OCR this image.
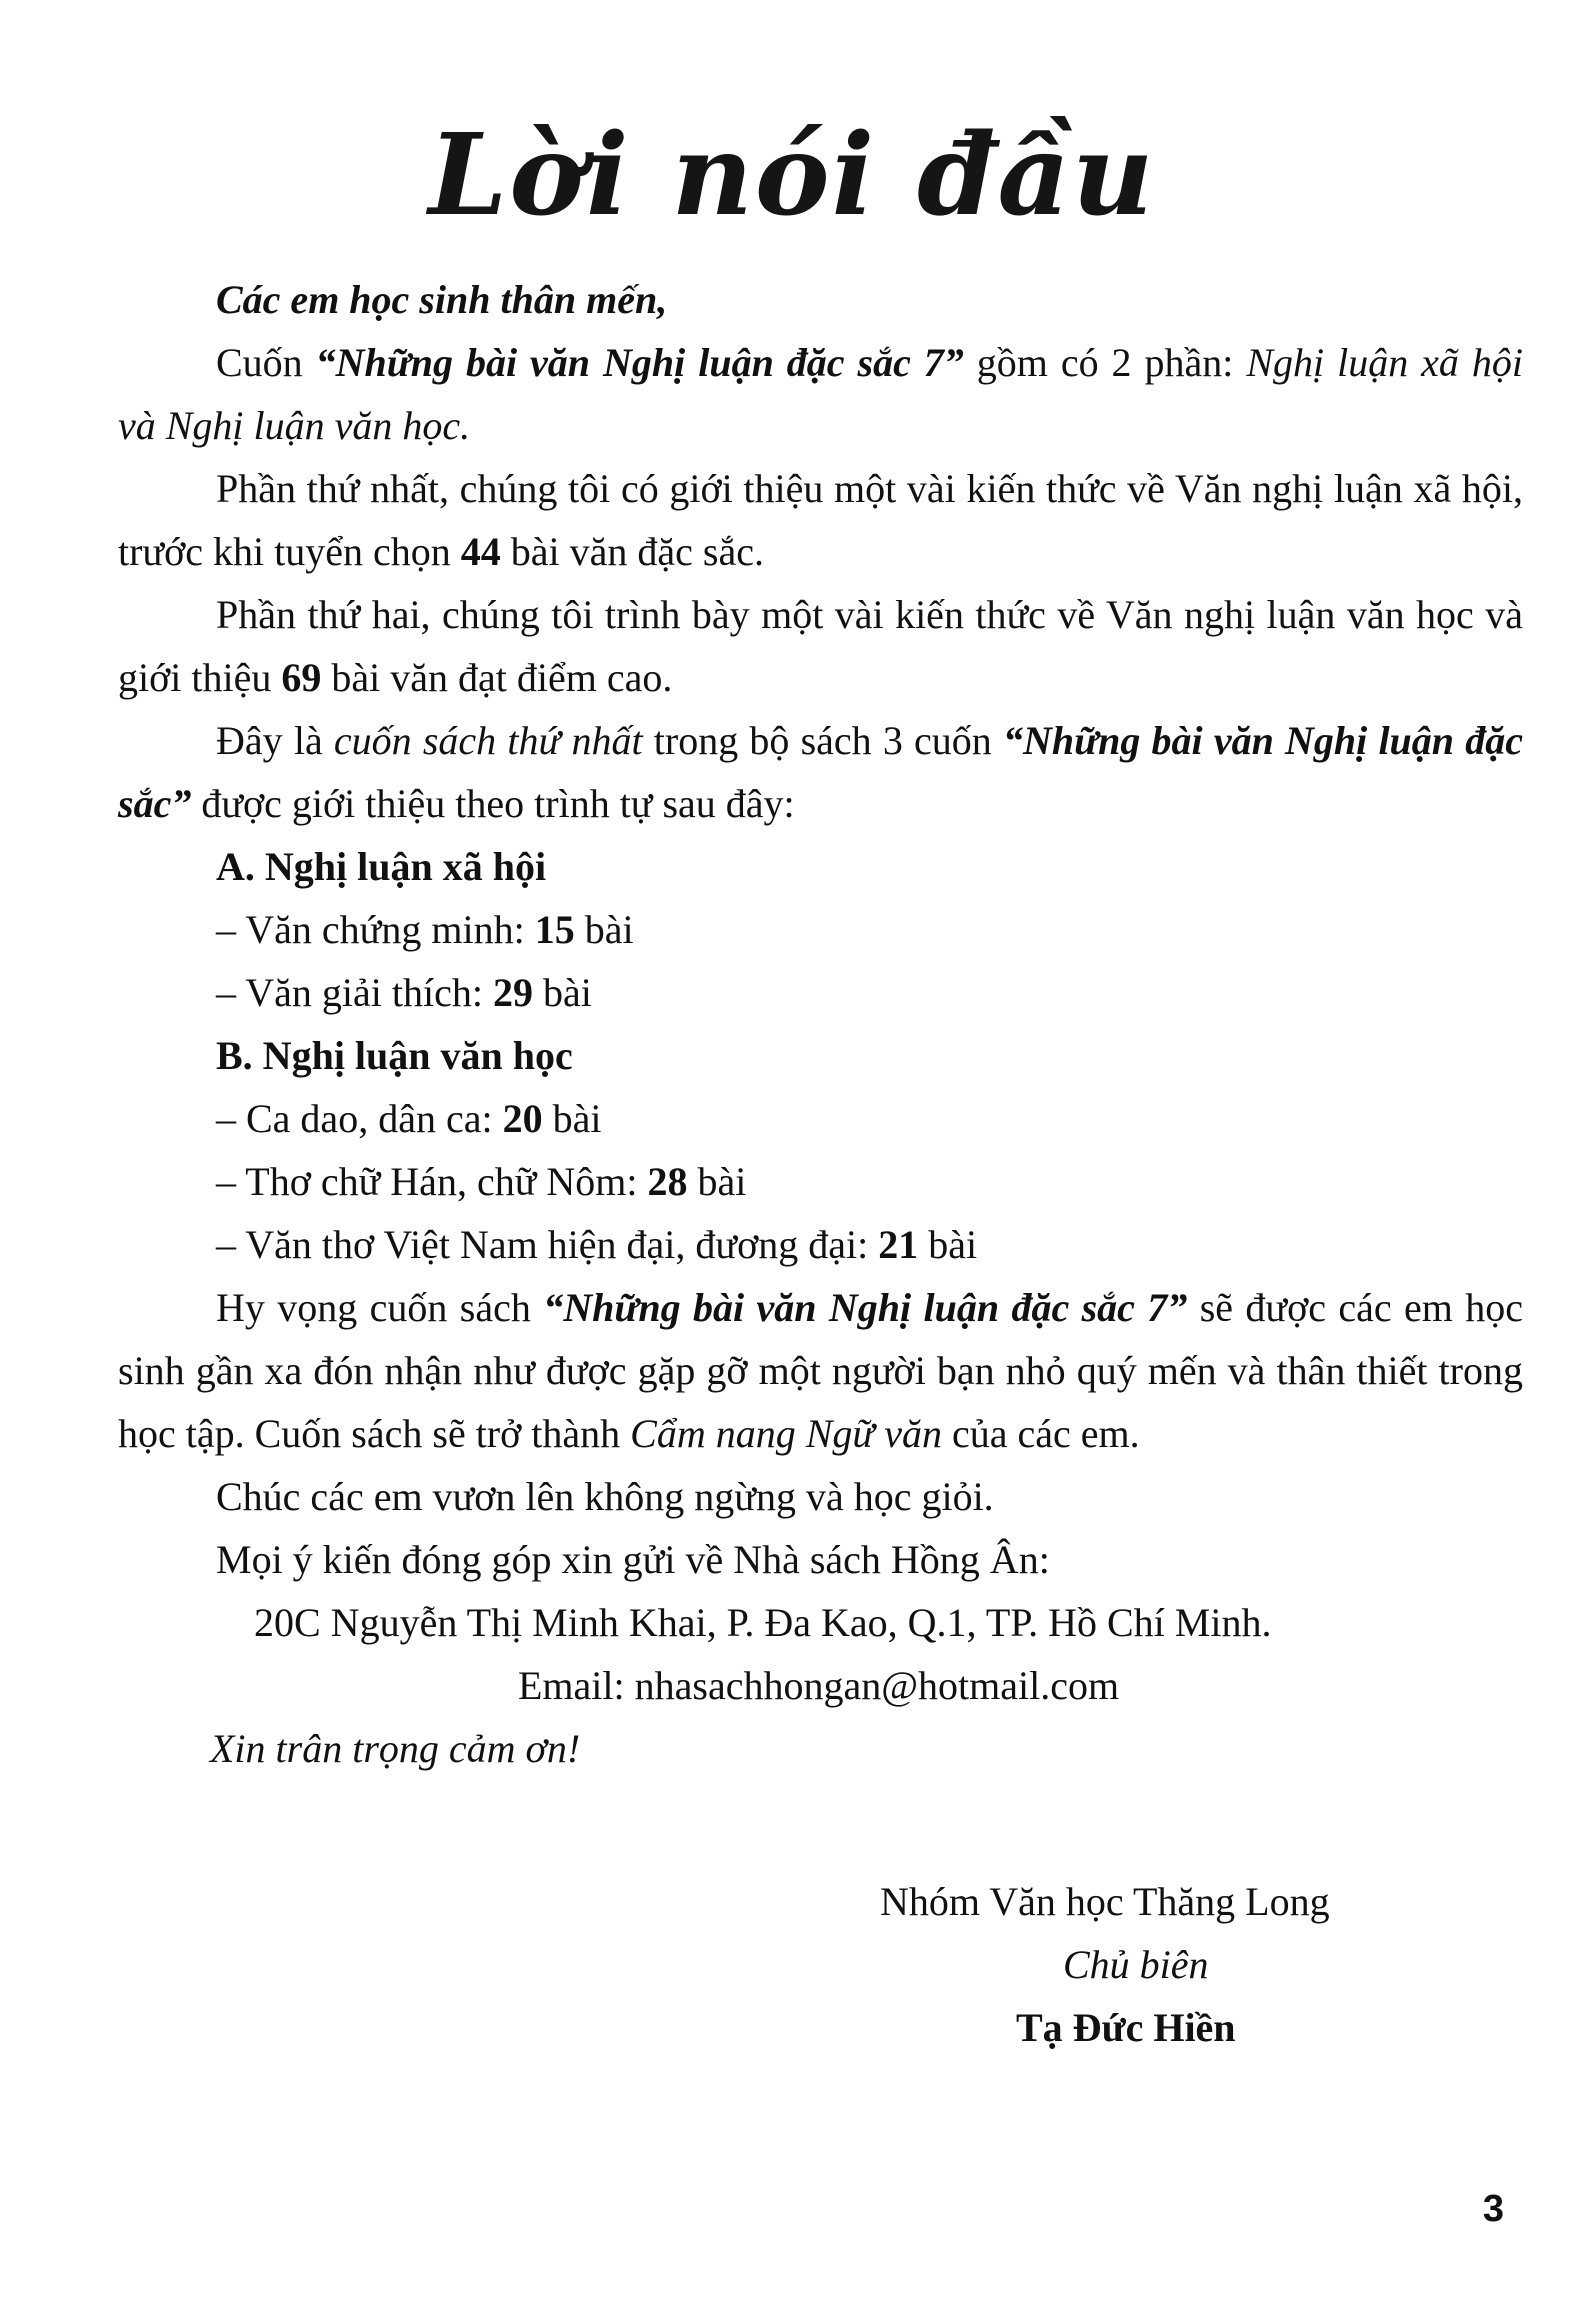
Lời nói đầu

Các em học sinh thân mến,

Cuốn “Những bài văn Nghị luận đặc sắc 7” gồm có 2 phần: Nghị luận xã hội và Nghị luận văn học.

Phần thứ nhất, chúng tôi có giới thiệu một vài kiến thức về Văn nghị luận xã hội, trước khi tuyển chọn 44 bài văn đặc sắc.

Phần thứ hai, chúng tôi trình bày một vài kiến thức về Văn nghị luận văn học và giới thiệu 69 bài văn đạt điểm cao.

Đây là cuốn sách thứ nhất trong bộ sách 3 cuốn “Những bài văn Nghị luận đặc sắc” được giới thiệu theo trình tự sau đây:

A. Nghị luận xã hội

– Văn chứng minh: 15 bài

– Văn giải thích: 29 bài

B. Nghị luận văn học

– Ca dao, dân ca: 20 bài

– Thơ chữ Hán, chữ Nôm: 28 bài

– Văn thơ Việt Nam hiện đại, đương đại: 21 bài

Hy vọng cuốn sách “Những bài văn Nghị luận đặc sắc 7” sẽ được các em học sinh gần xa đón nhận như được gặp gỡ một người bạn nhỏ quý mến và thân thiết trong học tập. Cuốn sách sẽ trở thành Cẩm nang Ngữ văn của các em.

Chúc các em vươn lên không ngừng và học giỏi.

Mọi ý kiến đóng góp xin gửi về Nhà sách Hồng Ân:

20C Nguyễn Thị Minh Khai, P. Đa Kao, Q.1, TP. Hồ Chí Minh.

Email: nhasachhongan@hotmail.com

Xin trân trọng cảm ơn!

Nhóm Văn học Thăng Long

Chủ biên

Tạ Đức Hiền

3
